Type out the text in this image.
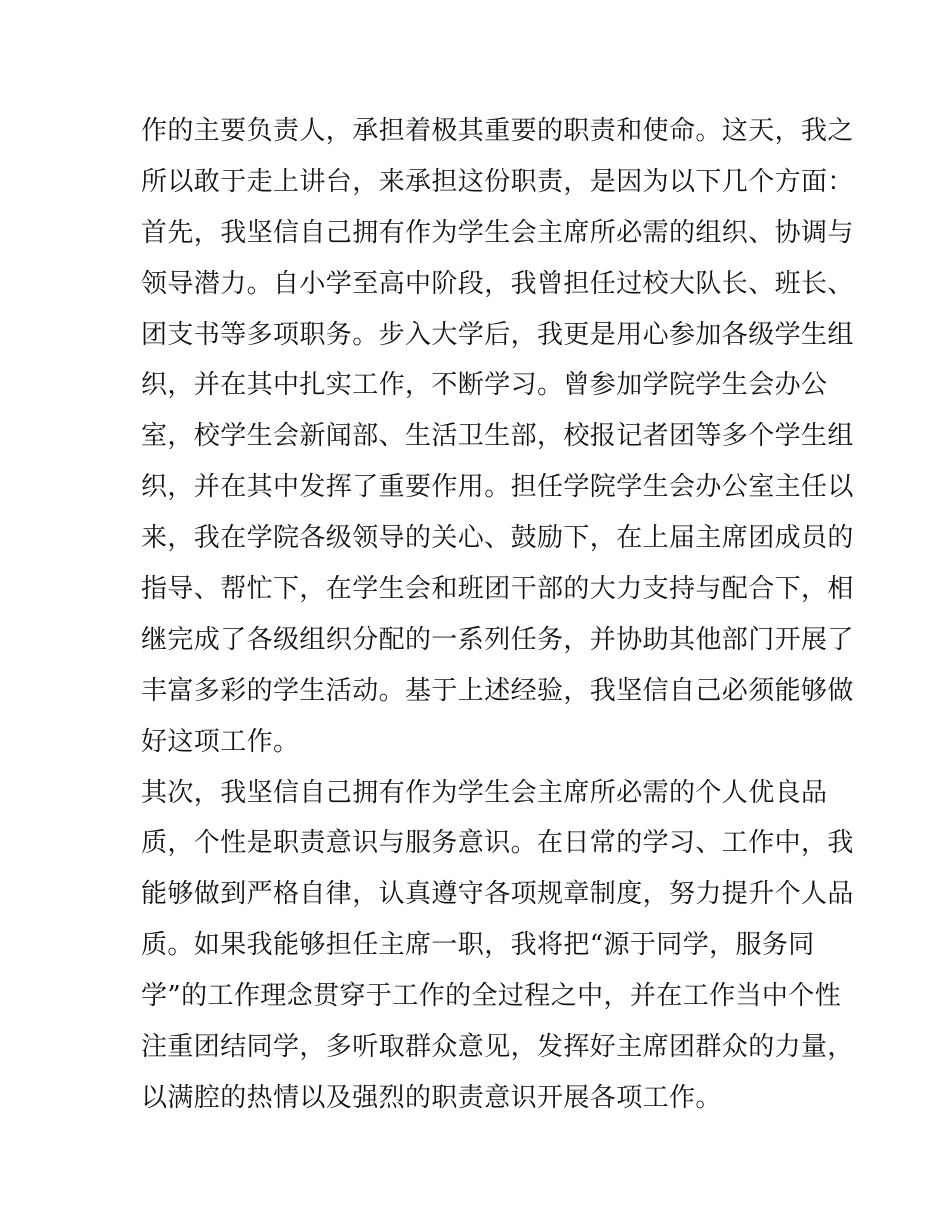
作的主要负责人，承担着极其重要的职责和使命。这天，我之
所以敢于走上讲台，来承担这份职责，是因为以下几个方面：
首先，我坚信自己拥有作为学生会主席所必需的组织、协调与
领导潜力。自小学至高中阶段，我曾担任过校大队长、班长、
团支书等多项职务。步入大学后，我更是用心参加各级学生组
织，并在其中扎实工作，不断学习。曾参加学院学生会办公
室，校学生会新闻部、生活卫生部，校报记者团等多个学生组
织，并在其中发挥了重要作用。担任学院学生会办公室主任以
来，我在学院各级领导的关心、鼓励下，在上届主席团成员的
指导、帮忙下，在学生会和班团干部的大力支持与配合下，相
继完成了各级组织分配的一系列任务，并协助其他部门开展了
丰富多彩的学生活动。基于上述经验，我坚信自己必须能够做
好这项工作。
其次，我坚信自己拥有作为学生会主席所必需的个人优良品
质，个性是职责意识与服务意识。在日常的学习、工作中，我
能够做到严格自律，认真遵守各项规章制度，努力提升个人品
质。如果我能够担任主席一职，我将把“源于同学，服务同
学”的工作理念贯穿于工作的全过程之中，并在工作当中个性
注重团结同学，多听取群众意见，发挥好主席团群众的力量，
以满腔的热情以及强烈的职责意识开展各项工作。
